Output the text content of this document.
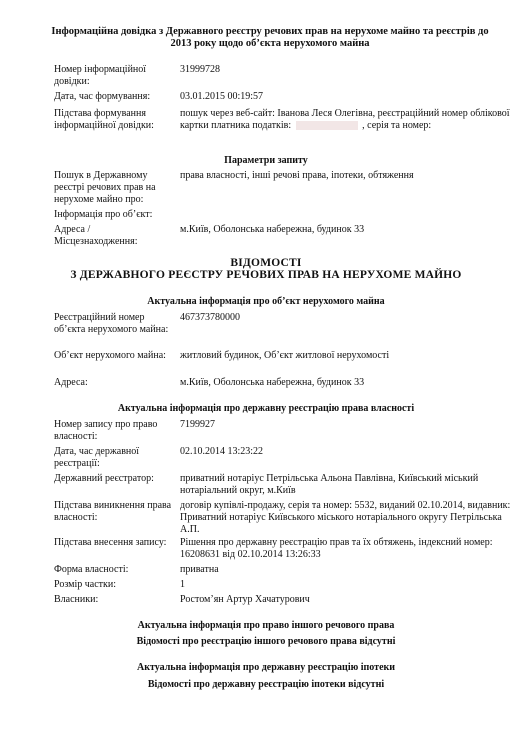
Інформаційна довідка з Державного реєстру речових прав на нерухоме майно та реєстрів до
2013 року щодо об’єкта нерухомого майна
Номер інформаційної довідки:
31999728
Дата, час формування:	03.01.2015 00:19:57
Підстава формування інформаційної довідки:
пошук через веб-сайт: Іванова Леся Олегівна, реєстраційний номер облікової картки платника податків:	, серія та номер:
Параметри запиту
Пошук в Державному реєстрі речових прав на нерухоме майно про:
права власності, інші речові права, іпотеки, обтяження
Інформація про об’єкт:
Адреса / Місцезнаходження:
м.Київ, Оболонська набережна, будинок 33
ВІДОМОСТІ
З ДЕРЖАВНОГО РЕЄСТРУ РЕЧОВИХ ПРАВ НА НЕРУХОМЕ МАЙНО
Актуальна інформація про об’єкт нерухомого майна
Реєстраційний номер об’єкта нерухомого майна:
467373780000
Об’єкт нерухомого майна:	житловий будинок, Об’єкт житлової нерухомості
Адреса:	м.Київ, Оболонська набережна, будинок 33
Актуальна інформація про державну реєстрацію права власності
Номер запису про право власності:
7199927
Дата, час державної реєстрації:
02.10.2014 13:23:22
Державний реєстратор:	приватний нотаріус Петрільська Альона Павлівна, Київський міський нотаріальний округ, м.Київ
Підстава виникнення права власності:
договір купівлі-продажу, серія та номер: 5532, виданий 02.10.2014, видавник: Приватний нотаріус Київського міського нотаріального округу Петрільська А.П.
Підстава внесення запису:	Рішення про державну реєстрацію прав та їх обтяжень, індексний номер: 16208631 від 02.10.2014 13:26:33
Форма власності:	приватна
Розмір частки:	1
Власники:	Ростом’ян Артур Хачатурович
Актуальна інформація про право іншого речового права
Відомості про реєстрацію іншого речового права відсутні
Актуальна інформація про державну реєстрацію іпотеки
Відомості про державну реєстрацію іпотеки відсутні
